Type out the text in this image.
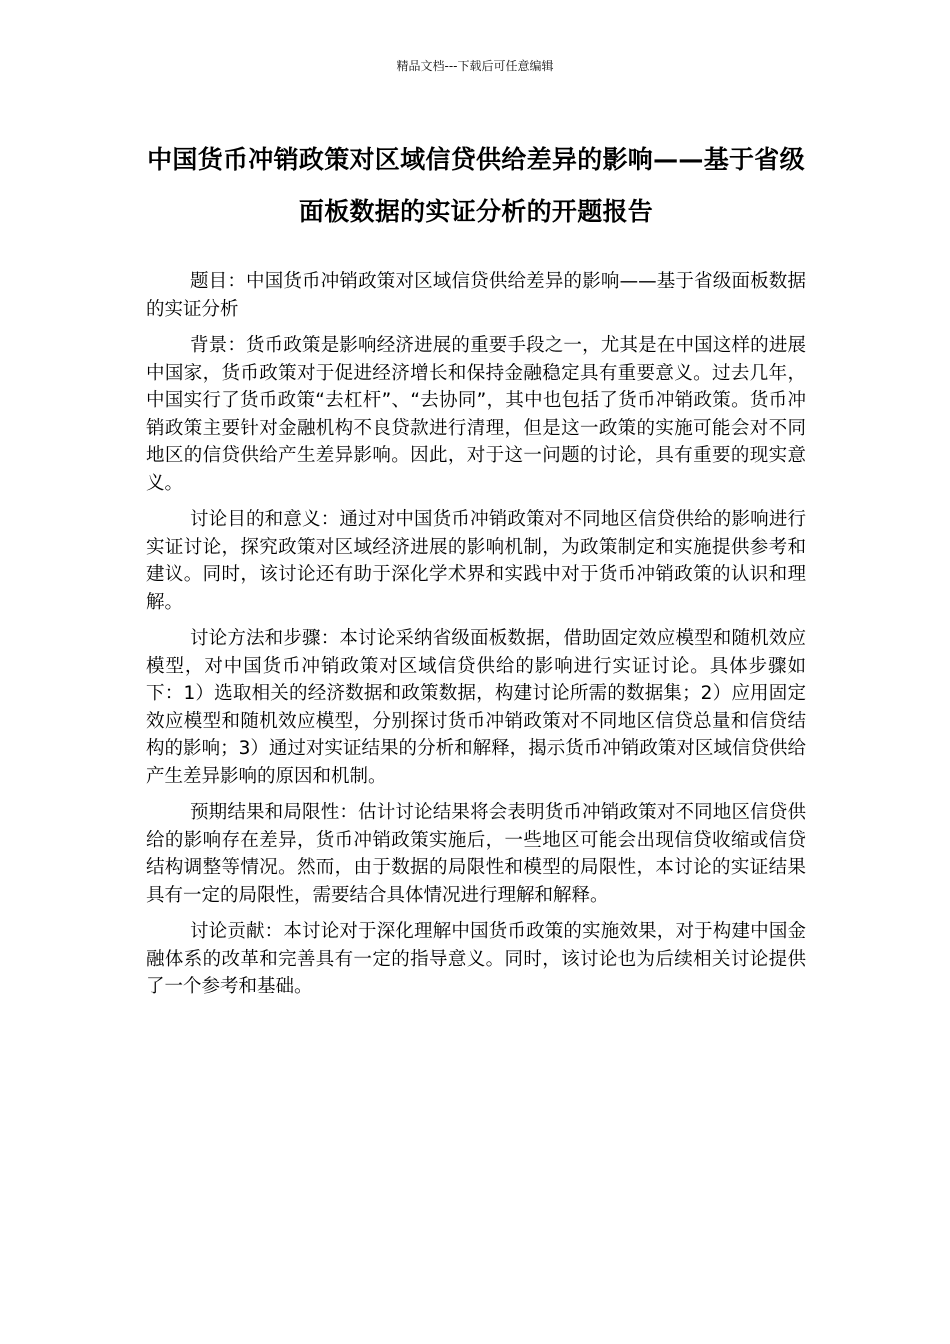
精品文档---下载后可任意编辑
中国货币冲销政策对区域信贷供给差异的影响——基于省级面板数据的实证分析的开题报告

题目：中国货币冲销政策对区域信贷供给差异的影响——基于省级面板数据的实证分析

背景：货币政策是影响经济进展的重要手段之一，尤其是在中国这样的进展中国家，货币政策对于促进经济增长和保持金融稳定具有重要意义。过去几年，中国实行了货币政策“去杠杆”、“去协同”，其中也包括了货币冲销政策。货币冲销政策主要针对金融机构不良贷款进行清理，但是这一政策的实施可能会对不同地区的信贷供给产生差异影响。因此，对于这一问题的讨论，具有重要的现实意义。

讨论目的和意义：通过对中国货币冲销政策对不同地区信贷供给的影响进行实证讨论，探究政策对区域经济进展的影响机制，为政策制定和实施提供参考和建议。同时，该讨论还有助于深化学术界和实践中对于货币冲销政策的认识和理解。

讨论方法和步骤：本讨论采纳省级面板数据，借助固定效应模型和随机效应模型，对中国货币冲销政策对区域信贷供给的影响进行实证讨论。具体步骤如下：1）选取相关的经济数据和政策数据，构建讨论所需的数据集；2）应用固定效应模型和随机效应模型，分别探讨货币冲销政策对不同地区信贷总量和信贷结构的影响；3）通过对实证结果的分析和解释，揭示货币冲销政策对区域信贷供给产生差异影响的原因和机制。

预期结果和局限性：估计讨论结果将会表明货币冲销政策对不同地区信贷供给的影响存在差异，货币冲销政策实施后，一些地区可能会出现信贷收缩或信贷结构调整等情况。然而，由于数据的局限性和模型的局限性，本讨论的实证结果具有一定的局限性，需要结合具体情况进行理解和解释。

讨论贡献：本讨论对于深化理解中国货币政策的实施效果，对于构建中国金融体系的改革和完善具有一定的指导意义。同时，该讨论也为后续相关讨论提供了一个参考和基础。
